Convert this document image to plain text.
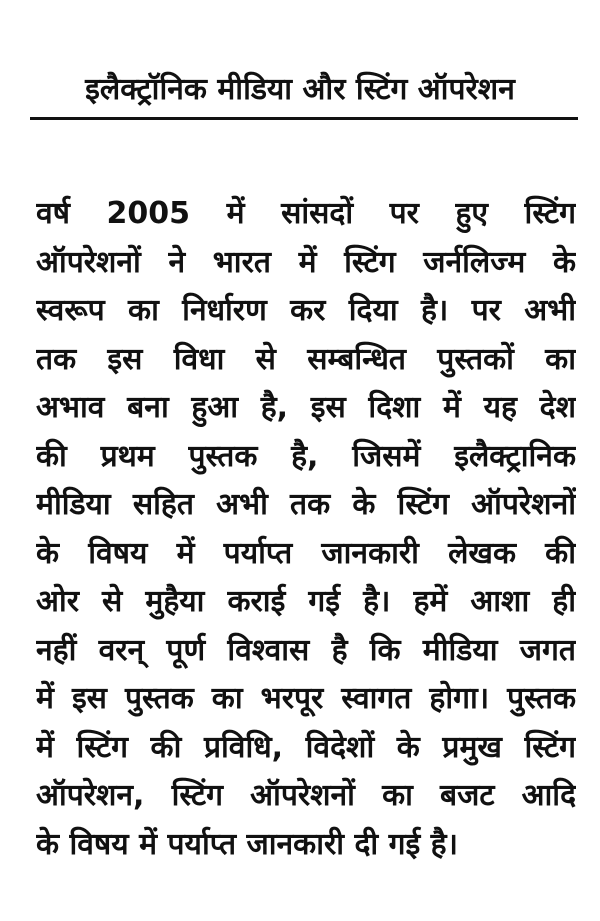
इलैक्ट्रॉनिक मीडिया और स्टिंग ऑपरेशन
वर्ष 2005 में सांसदों पर हुए स्टिंग
ऑपरेशनों ने भारत में स्टिंग जर्नलिज्म के
स्वरूप का निर्धारण कर दिया है। पर अभी
तक इस विधा से सम्बन्धित पुस्तकों का
अभाव बना हुआ है, इस दिशा में यह देश
की प्रथम पुस्तक है, जिसमें इलैक्ट्रानिक
मीडिया सहित अभी तक के स्टिंग ऑपरेशनों
के विषय में पर्याप्त जानकारी लेखक की
ओर से मुहैया कराई गई है। हमें आशा ही
नहीं वरन् पूर्ण विश्वास है कि मीडिया जगत
में इस पुस्तक का भरपूर स्वागत होगा। पुस्तक
में स्टिंग की प्रविधि, विदेशों के प्रमुख स्टिंग
ऑपरेशन, स्टिंग ऑपरेशनों का बजट आदि
के विषय में पर्याप्त जानकारी दी गई है।
